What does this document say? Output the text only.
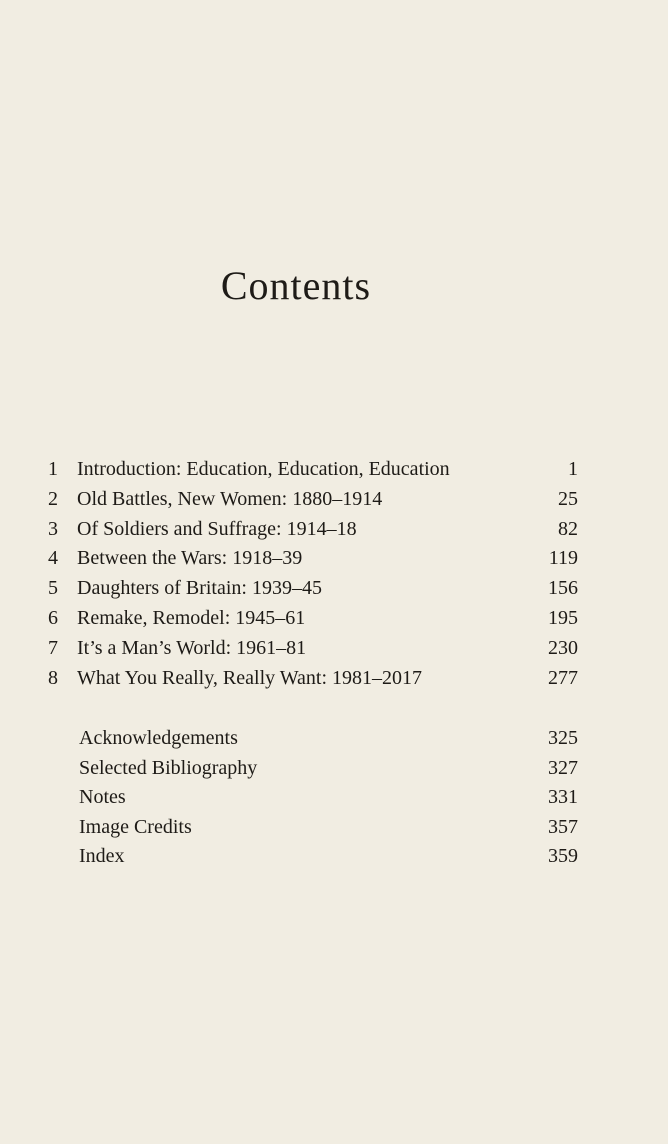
Contents
1 Introduction: Education, Education, Education	1
2 Old Battles, New Women: 1880–1914	25
3 Of Soldiers and Suffrage: 1914–18	82
4 Between the Wars: 1918–39	119
5 Daughters of Britain: 1939–45	156
6 Remake, Remodel: 1945–61	195
7 It’s a Man’s World: 1961–81	230
8 What You Really, Really Want: 1981–2017	277
Acknowledgements	325
Selected Bibliography	327
Notes	331
Image Credits	357
Index	359
